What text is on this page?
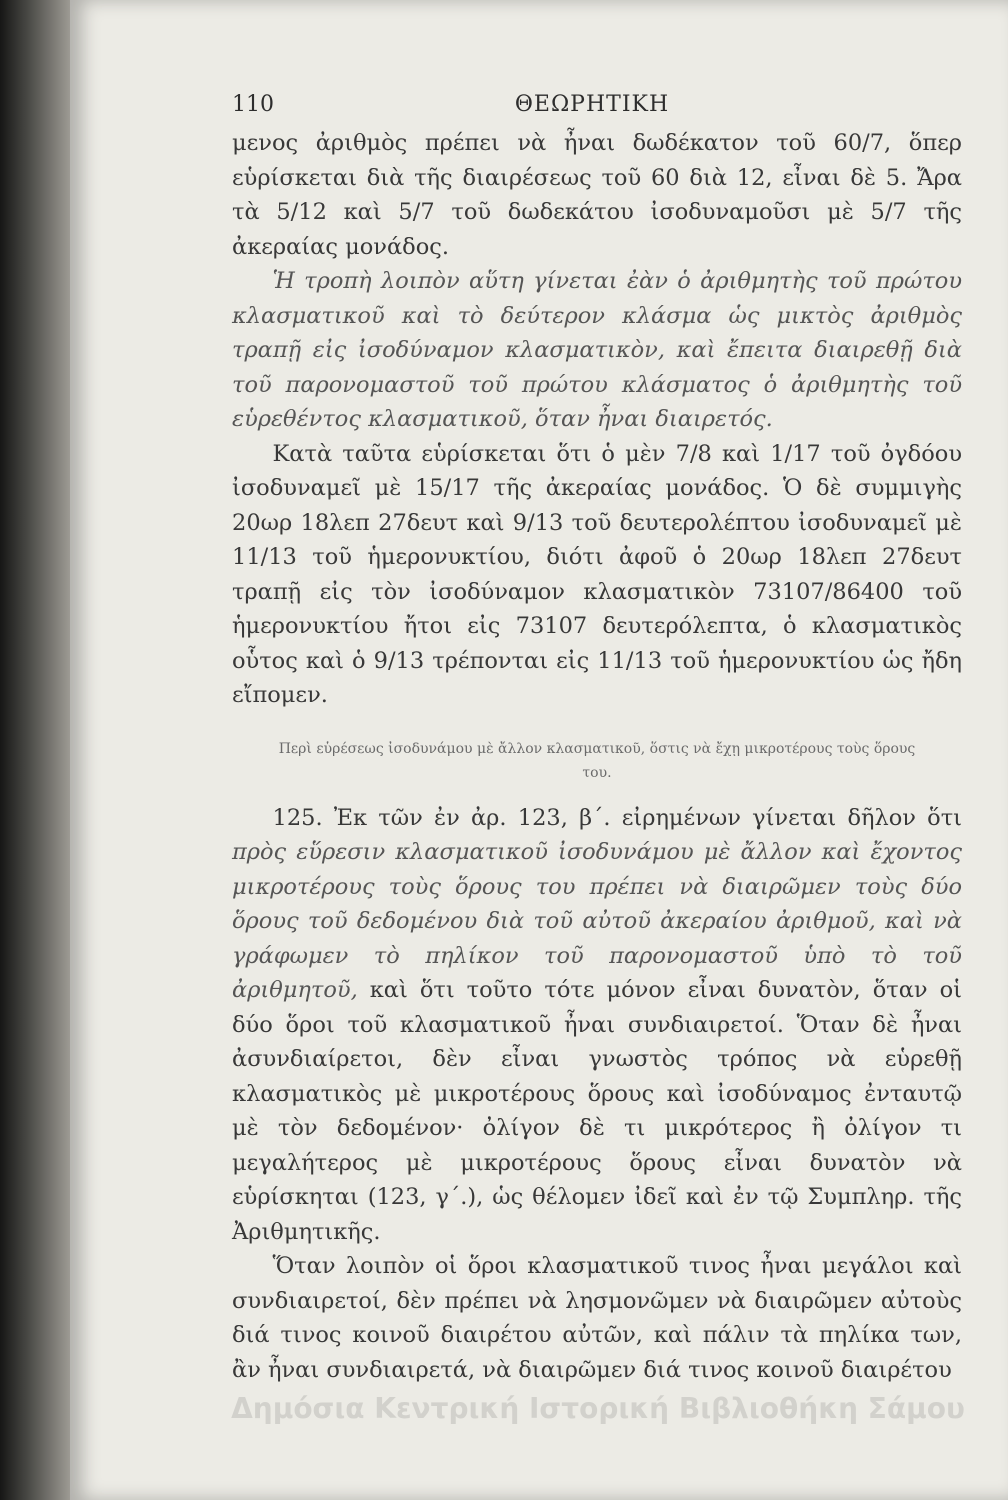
110	ΘΕΩΡΗΤΙΚΗ

μενος ἀριθμὸς πρέπει νὰ ἦναι δωδέκατον τοῦ 60/7, ὅπερ εὑρίσκεται διὰ τῆς διαιρέσεως τοῦ 60 διὰ 12, εἶναι δὲ 5. Ἄρα τὰ 5/12 καὶ 5/7 τοῦ δωδεκάτου ἰσοδυναμοῦσι μὲ 5/7 τῆς ἀκεραίας μονάδος.

Ἡ τροπὴ λοιπὸν αὕτη γίνεται ἐὰν ὁ ἀριθμητὴς τοῦ πρώτου κλασματικοῦ καὶ τὸ δεύτερον κλάσμα ὡς μικτὸς ἀριθμὸς τραπῇ εἰς ἰσοδύναμον κλασματικὸν, καὶ ἔπειτα διαιρεθῇ διὰ τοῦ παρονομαστοῦ τοῦ πρώτου κλάσματος ὁ ἀριθμητὴς τοῦ εὑρεθέντος κλασματικοῦ, ὅταν ἦναι διαιρετός.

Κατὰ ταῦτα εὑρίσκεται ὅτι ὁ μὲν 7/8 καὶ 1/17 τοῦ ὀγδόου ἰσοδυναμεῖ μὲ 15/17 τῆς ἀκεραίας μονάδος. Ὁ δὲ συμμιγὴς 20ωρ 18λεπ 27δευτ καὶ 9/13 τοῦ δευτερολέπτου ἰσοδυναμεῖ μὲ 11/13 τοῦ ἡμερονυκτίου, διότι ἀφοῦ ὁ 20ωρ 18λεπ 27δευτ τραπῇ εἰς τὸν ἰσοδύναμον κλασματικὸν 73107/86400 τοῦ ἡμερονυκτίου ἤτοι εἰς 73107 δευτερόλεπτα, ὁ κλασματικὸς οὗτος καὶ ὁ 9/13 τρέπονται εἰς 11/13 τοῦ ἡμερονυκτίου ὡς ἤδη εἴπομεν.

Περὶ εὑρέσεως ἰσοδυνάμου μὲ ἄλλον κλασματικοῦ, ὅστις νὰ ἔχῃ μικροτέρους τοὺς ὅρους του.

125. Ἐκ τῶν ἐν ἀρ. 123, β΄. εἰρημένων γίνεται δῆλον ὅτι πρὸς εὕρεσιν κλασματικοῦ ἰσοδυνάμου μὲ ἄλλον καὶ ἔχοντος μικροτέρους τοὺς ὅρους του πρέπει νὰ διαιρῶμεν τοὺς δύο ὅρους τοῦ δεδομένου διὰ τοῦ αὐτοῦ ἀκεραίου ἀριθμοῦ, καὶ νὰ γράφωμεν τὸ πηλίκον τοῦ παρονομαστοῦ ὑπὸ τὸ τοῦ ἀριθμητοῦ, καὶ ὅτι τοῦτο τότε μόνον εἶναι δυνατὸν, ὅταν οἱ δύο ὅροι τοῦ κλασματικοῦ ἦναι συνδιαιρετοί. Ὅταν δὲ ἦναι ἀσυνδιαίρετοι, δὲν εἶναι γνωστὸς τρόπος νὰ εὑρεθῇ κλασματικὸς μὲ μικροτέρους ὅρους καὶ ἰσοδύναμος ἐνταυτῷ μὲ τὸν δεδομένον· ὀλίγον δὲ τι μικρότερος ἢ ὀλίγον τι μεγαλήτερος μὲ μικροτέρους ὅρους εἶναι δυνατὸν νὰ εὑρίσκηται (123, γ΄.), ὡς θέλομεν ἰδεῖ καὶ ἐν τῷ Συμπληρ. τῆς Ἀριθμητικῆς.

Ὅταν λοιπὸν οἱ ὅροι κλασματικοῦ τινος ἦναι μεγάλοι καὶ συνδιαιρετοί, δὲν πρέπει νὰ λησμονῶμεν νὰ διαιρῶμεν αὐτοὺς διά τινος κοινοῦ διαιρέτου αὐτῶν, καὶ πάλιν τὰ πηλίκα των, ἂν ἦναι συνδιαιρετά, νὰ διαιρῶμεν διά τινος κοινοῦ διαιρέτου

Δημόσια Κεντρική Ιστορική Βιβλιοθήκη Σάμου
